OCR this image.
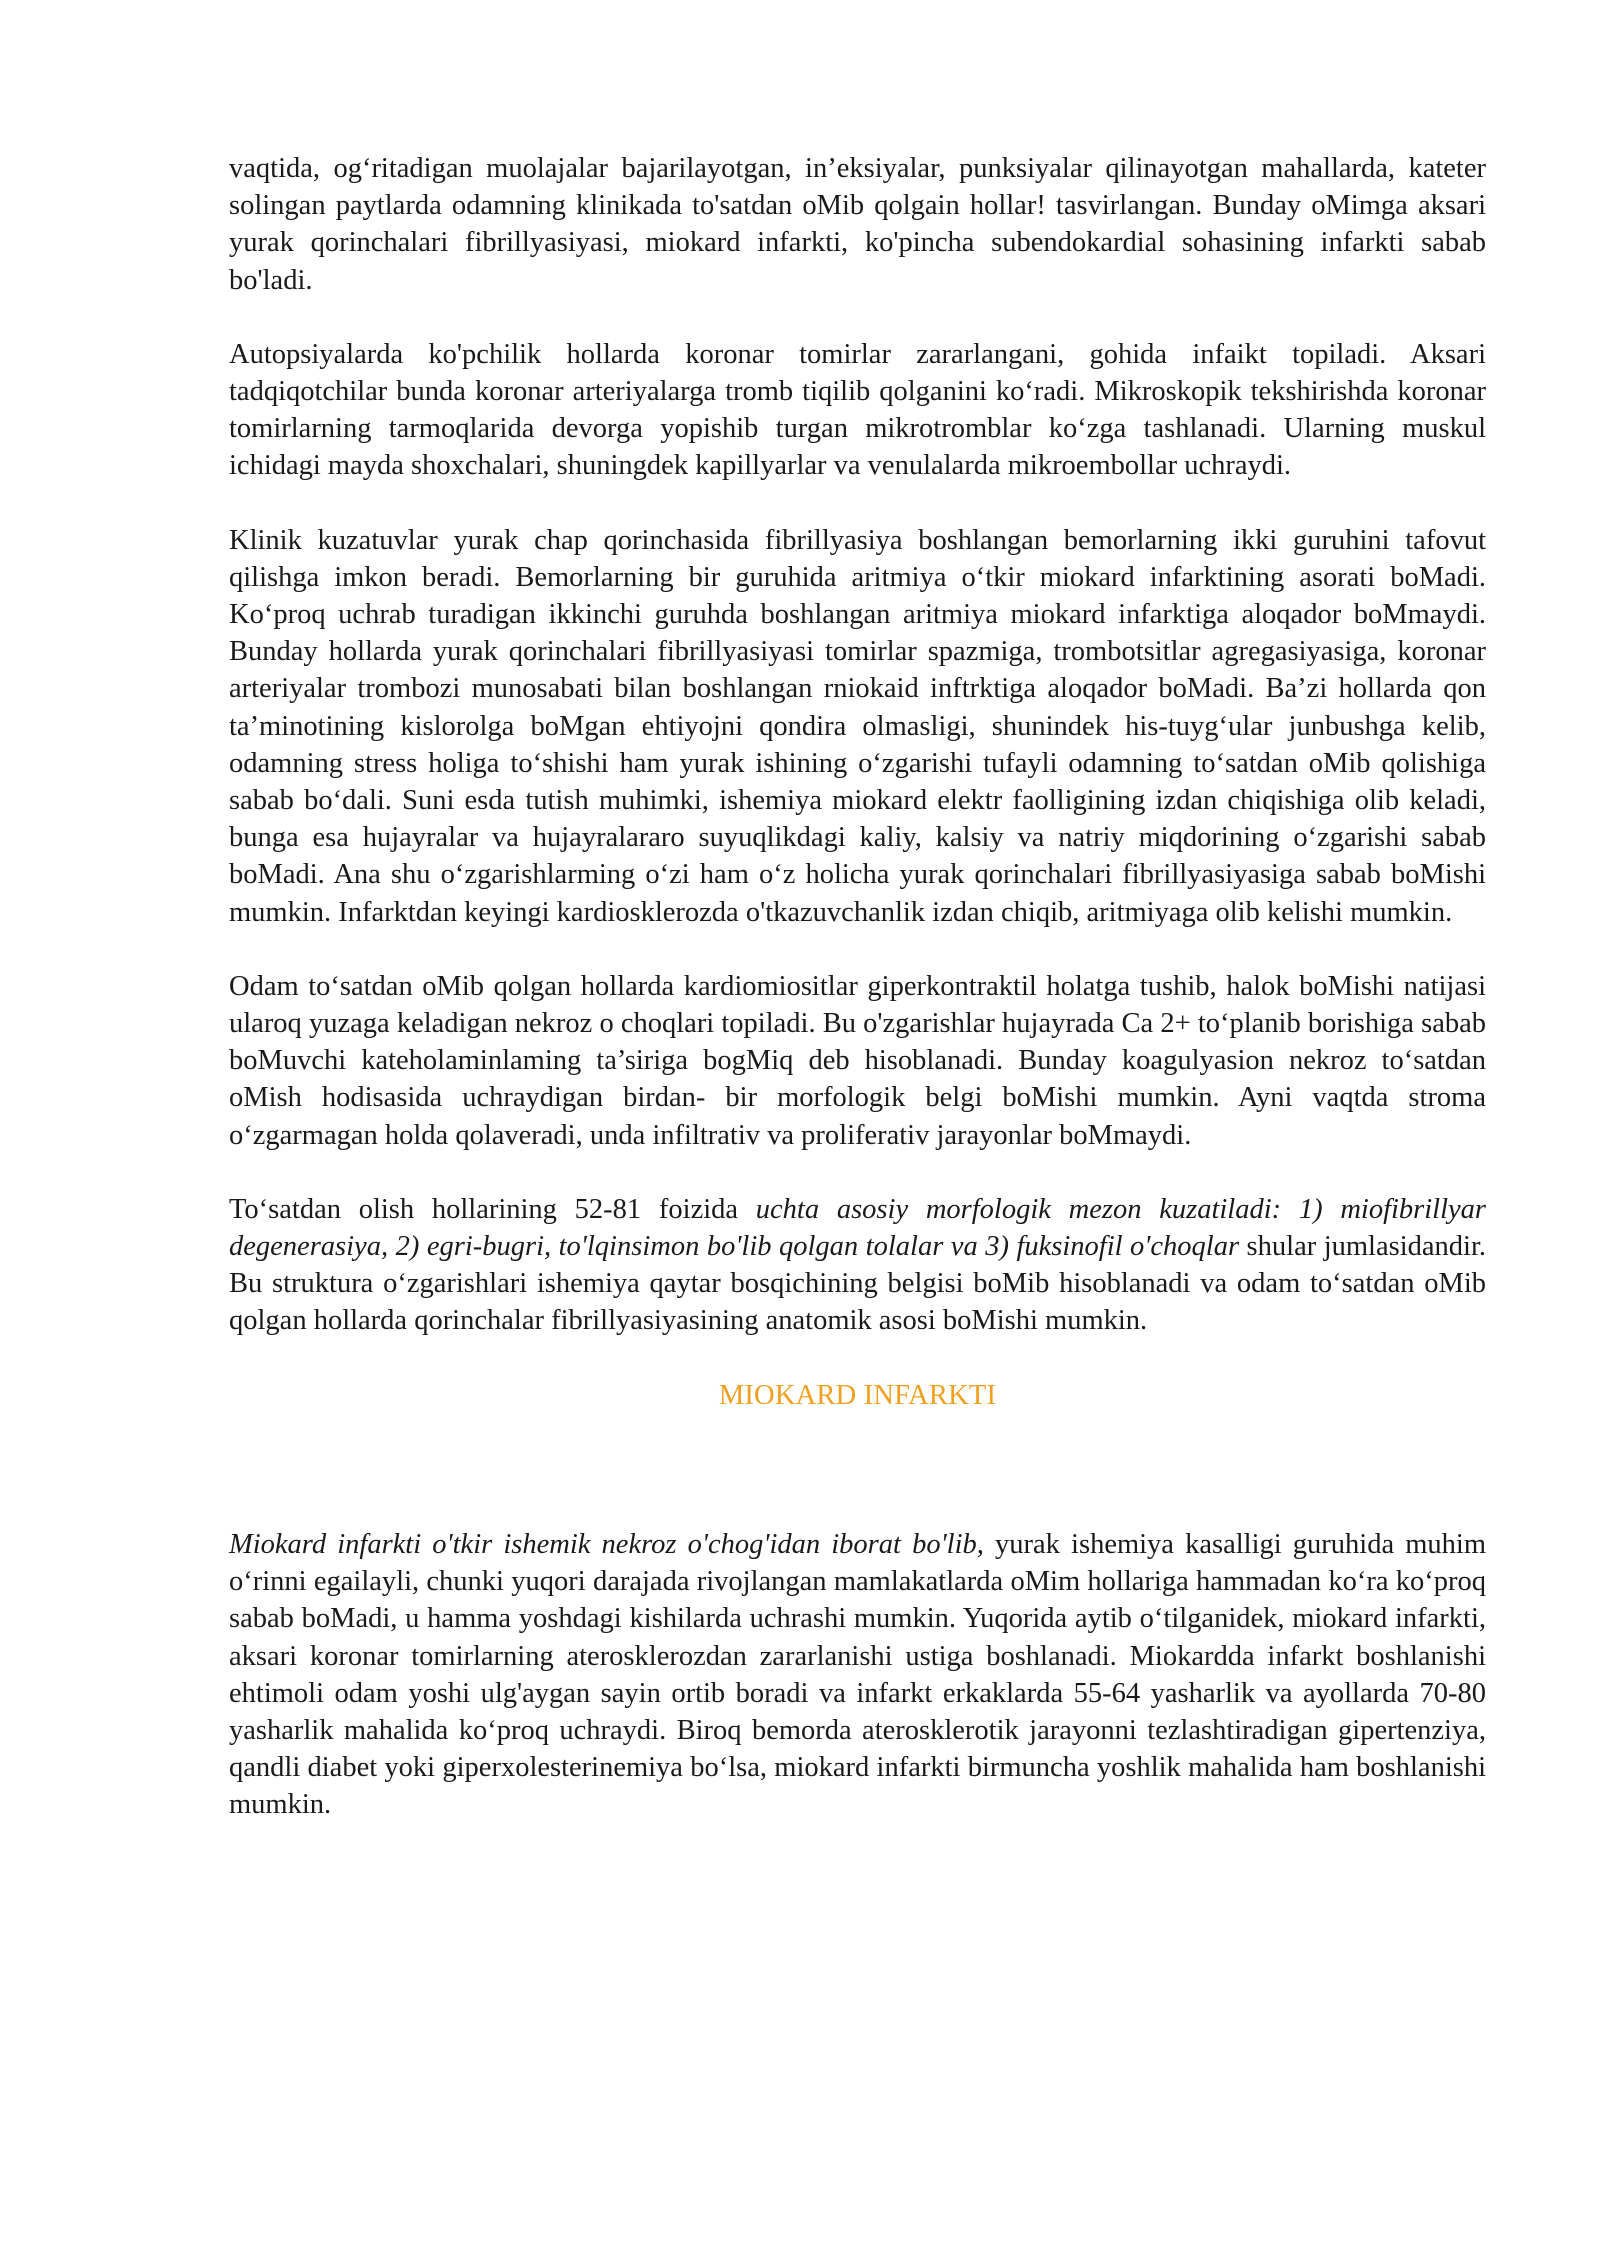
vaqtida, og‘ritadigan muolajalar bajarilayotgan, in’eksiyalar, punksiyalar qilinayotgan mahallarda, kateter solingan paytlarda odamning klinikada to'satdan oMib qolgain hollar! tasvirlangan. Bunday oMimga aksari yurak qorinchalari fibrillyasiyasi, miokard infarkti, ko'pincha subendokardial sohasining infarkti sabab bo'ladi.

Autopsiyalarda ko'pchilik hollarda koronar tomirlar zararlangani, gohida infaikt topiladi. Aksari tadqiqotchilar bunda koronar arteriyalarga tromb tiqilib qolganini ko‘radi. Mikroskopik tekshirishda koronar tomirlarning tarmoqlarida devorga yopishib turgan mikrotromblar ko‘zga tashlanadi. Ularning muskul ichidagi mayda shoxchalari, shuningdek kapillyarlar va venulalarda mikroembollar uchraydi.

Klinik kuzatuvlar yurak chap qorinchasida fibrillyasiya boshlangan bemorlarning ikki guruhini tafovut qilishga imkon beradi. Bemorlarning bir guruhida aritmiya o‘tkir miokard infarktining asorati boMadi. Ko‘proq uchrab turadigan ikkinchi guruhda boshlangan aritmiya miokard infarktiga aloqador boMmaydi. Bunday hollarda yurak qorinchalari fibrillyasiyasi tomirlar spazmiga, trombotsitlar agregasiyasiga, koronar arteriyalar trombozi munosabati bilan boshlangan rniokaid inftrktiga aloqador boMadi. Ba’zi hollarda qon ta’minotining kislorolga boMgan ehtiyojni qondira olmasligi, shunindek his-tuyg‘ular junbushga kelib, odamning stress holiga to‘shishi ham yurak ishining o‘zgarishi tufayli odamning to‘satdan oMib qolishiga sabab bo‘dali. Suni esda tutish muhimki, ishemiya miokard elektr faolligining izdan chiqishiga olib keladi, bunga esa hujayralar va hujayralararo suyuqlikdagi kaliy, kalsiy va natriy miqdorining o‘zgarishi sabab boMadi. Ana shu o‘zgarishlarming o‘zi ham o‘z holicha yurak qorinchalari fibrillyasiyasiga sabab boMishi mumkin. Infarktdan keyingi kardiosklerozda o'tkazuvchanlik izdan chiqib, aritmiyaga olib kelishi mumkin.

Odam to‘satdan oMib qolgan hollarda kardiomiositlar giperkontraktil holatga tushib, halok boMishi natijasi ularoq yuzaga keladigan nekroz o choqlari topiladi. Bu o'zgarishlar hujayrada Ca 2+ to‘planib borishiga sabab boMuvchi kateholaminlaming ta’siriga bogMiq deb hisoblanadi. Bunday koagulyasion nekroz to‘satdan oMish hodisasida uchraydigan birdan- bir morfologik belgi boMishi mumkin. Ayni vaqtda stroma o‘zgarmagan holda qolaveradi, unda infiltrativ va proliferativ jarayonlar boMmaydi.

To‘satdan olish hollarining 52-81 foizida uchta asosiy morfologik mezon kuzatiladi: 1) miofibrillyar degenerasiya, 2) egri-bugri, to'lqinsimon bo'lib qolgan tolalar va 3) fuksinofil o'choqlar shular jumlasidandir. Bu struktura o‘zgarishlari ishemiya qaytar bosqichining belgisi boMib hisoblanadi va odam to‘satdan oMib qolgan hollarda qorinchalar fibrillyasiyasining anatomik asosi boMishi mumkin.

MIOKARD INFARKTI

Miokard infarkti o'tkir ishemik nekroz o'chog'idan iborat bo'lib, yurak ishemiya kasalligi guruhida muhim o‘rinni egailayli, chunki yuqori darajada rivojlangan mamlakatlarda oMim hollariga hammadan ko‘ra ko‘proq sabab boMadi, u hamma yoshdagi kishilarda uchrashi mumkin. Yuqorida aytib o‘tilganidek, miokard infarkti, aksari koronar tomirlarning aterosklerozdan zararlanishi ustiga boshlanadi. Miokardda infarkt boshlanishi ehtimoli odam yoshi ulg'aygan sayin ortib boradi va infarkt erkaklarda 55-64 yasharlik va ayollarda 70-80 yasharlik mahalida ko‘proq uchraydi. Biroq bemorda aterosklerotik jarayonni tezlashtiradigan gipertenziya, qandli diabet yoki giperxolesterinemiya bo‘lsa, miokard infarkti birmuncha yoshlik mahalida ham boshlanishi mumkin.
